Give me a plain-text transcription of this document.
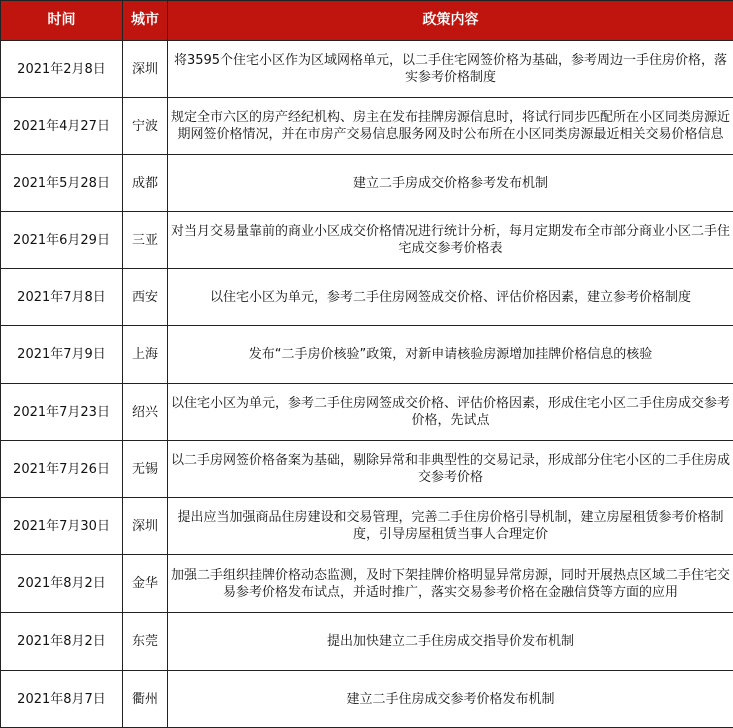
时间	城市	政策内容
2021年2月8日	深圳	将3595个住宅小区作为区域网格单元，以二手住宅网签价格为基础，参考周边一手住房价格，落实参考价格制度
2021年4月27日	宁波	规定全市六区的房产经纪机构、房主在发布挂牌房源信息时，将试行同步匹配所在小区同类房源近期网签价格情况，并在市房产交易信息服务网及时公布所在小区同类房源最近相关交易价格信息
2021年5月28日	成都	建立二手房成交价格参考发布机制
2021年6月29日	三亚	对当月交易量靠前的商业小区成交价格情况进行统计分析，每月定期发布全市部分商业小区二手住宅成交参考价格表
2021年7月8日	西安	以住宅小区为单元，参考二手住房网签成交价格、评估价格因素，建立参考价格制度
2021年7月9日	上海	发布“二手房价核验”政策，对新申请核验房源增加挂牌价格信息的核验
2021年7月23日	绍兴	以住宅小区为单元，参考二手住房网签成交价格、评估价格因素，形成住宅小区二手住房成交参考价格，先试点
2021年7月26日	无锡	以二手房网签价格备案为基础，剔除异常和非典型性的交易记录，形成部分住宅小区的二手住房成交参考价格
2021年7月30日	深圳	提出应当加强商品住房建设和交易管理，完善二手住房价格引导机制，建立房屋租赁参考价格制度，引导房屋租赁当事人合理定价
2021年8月2日	金华	加强二手组织挂牌价格动态监测，及时下架挂牌价格明显异常房源，同时开展热点区域二手住宅交易参考价格发布试点，并适时推广，落实交易参考价格在金融信贷等方面的应用
2021年8月2日	东莞	提出加快建立二手住房成交指导价发布机制
2021年8月7日	衢州	建立二手住房成交参考价格发布机制
